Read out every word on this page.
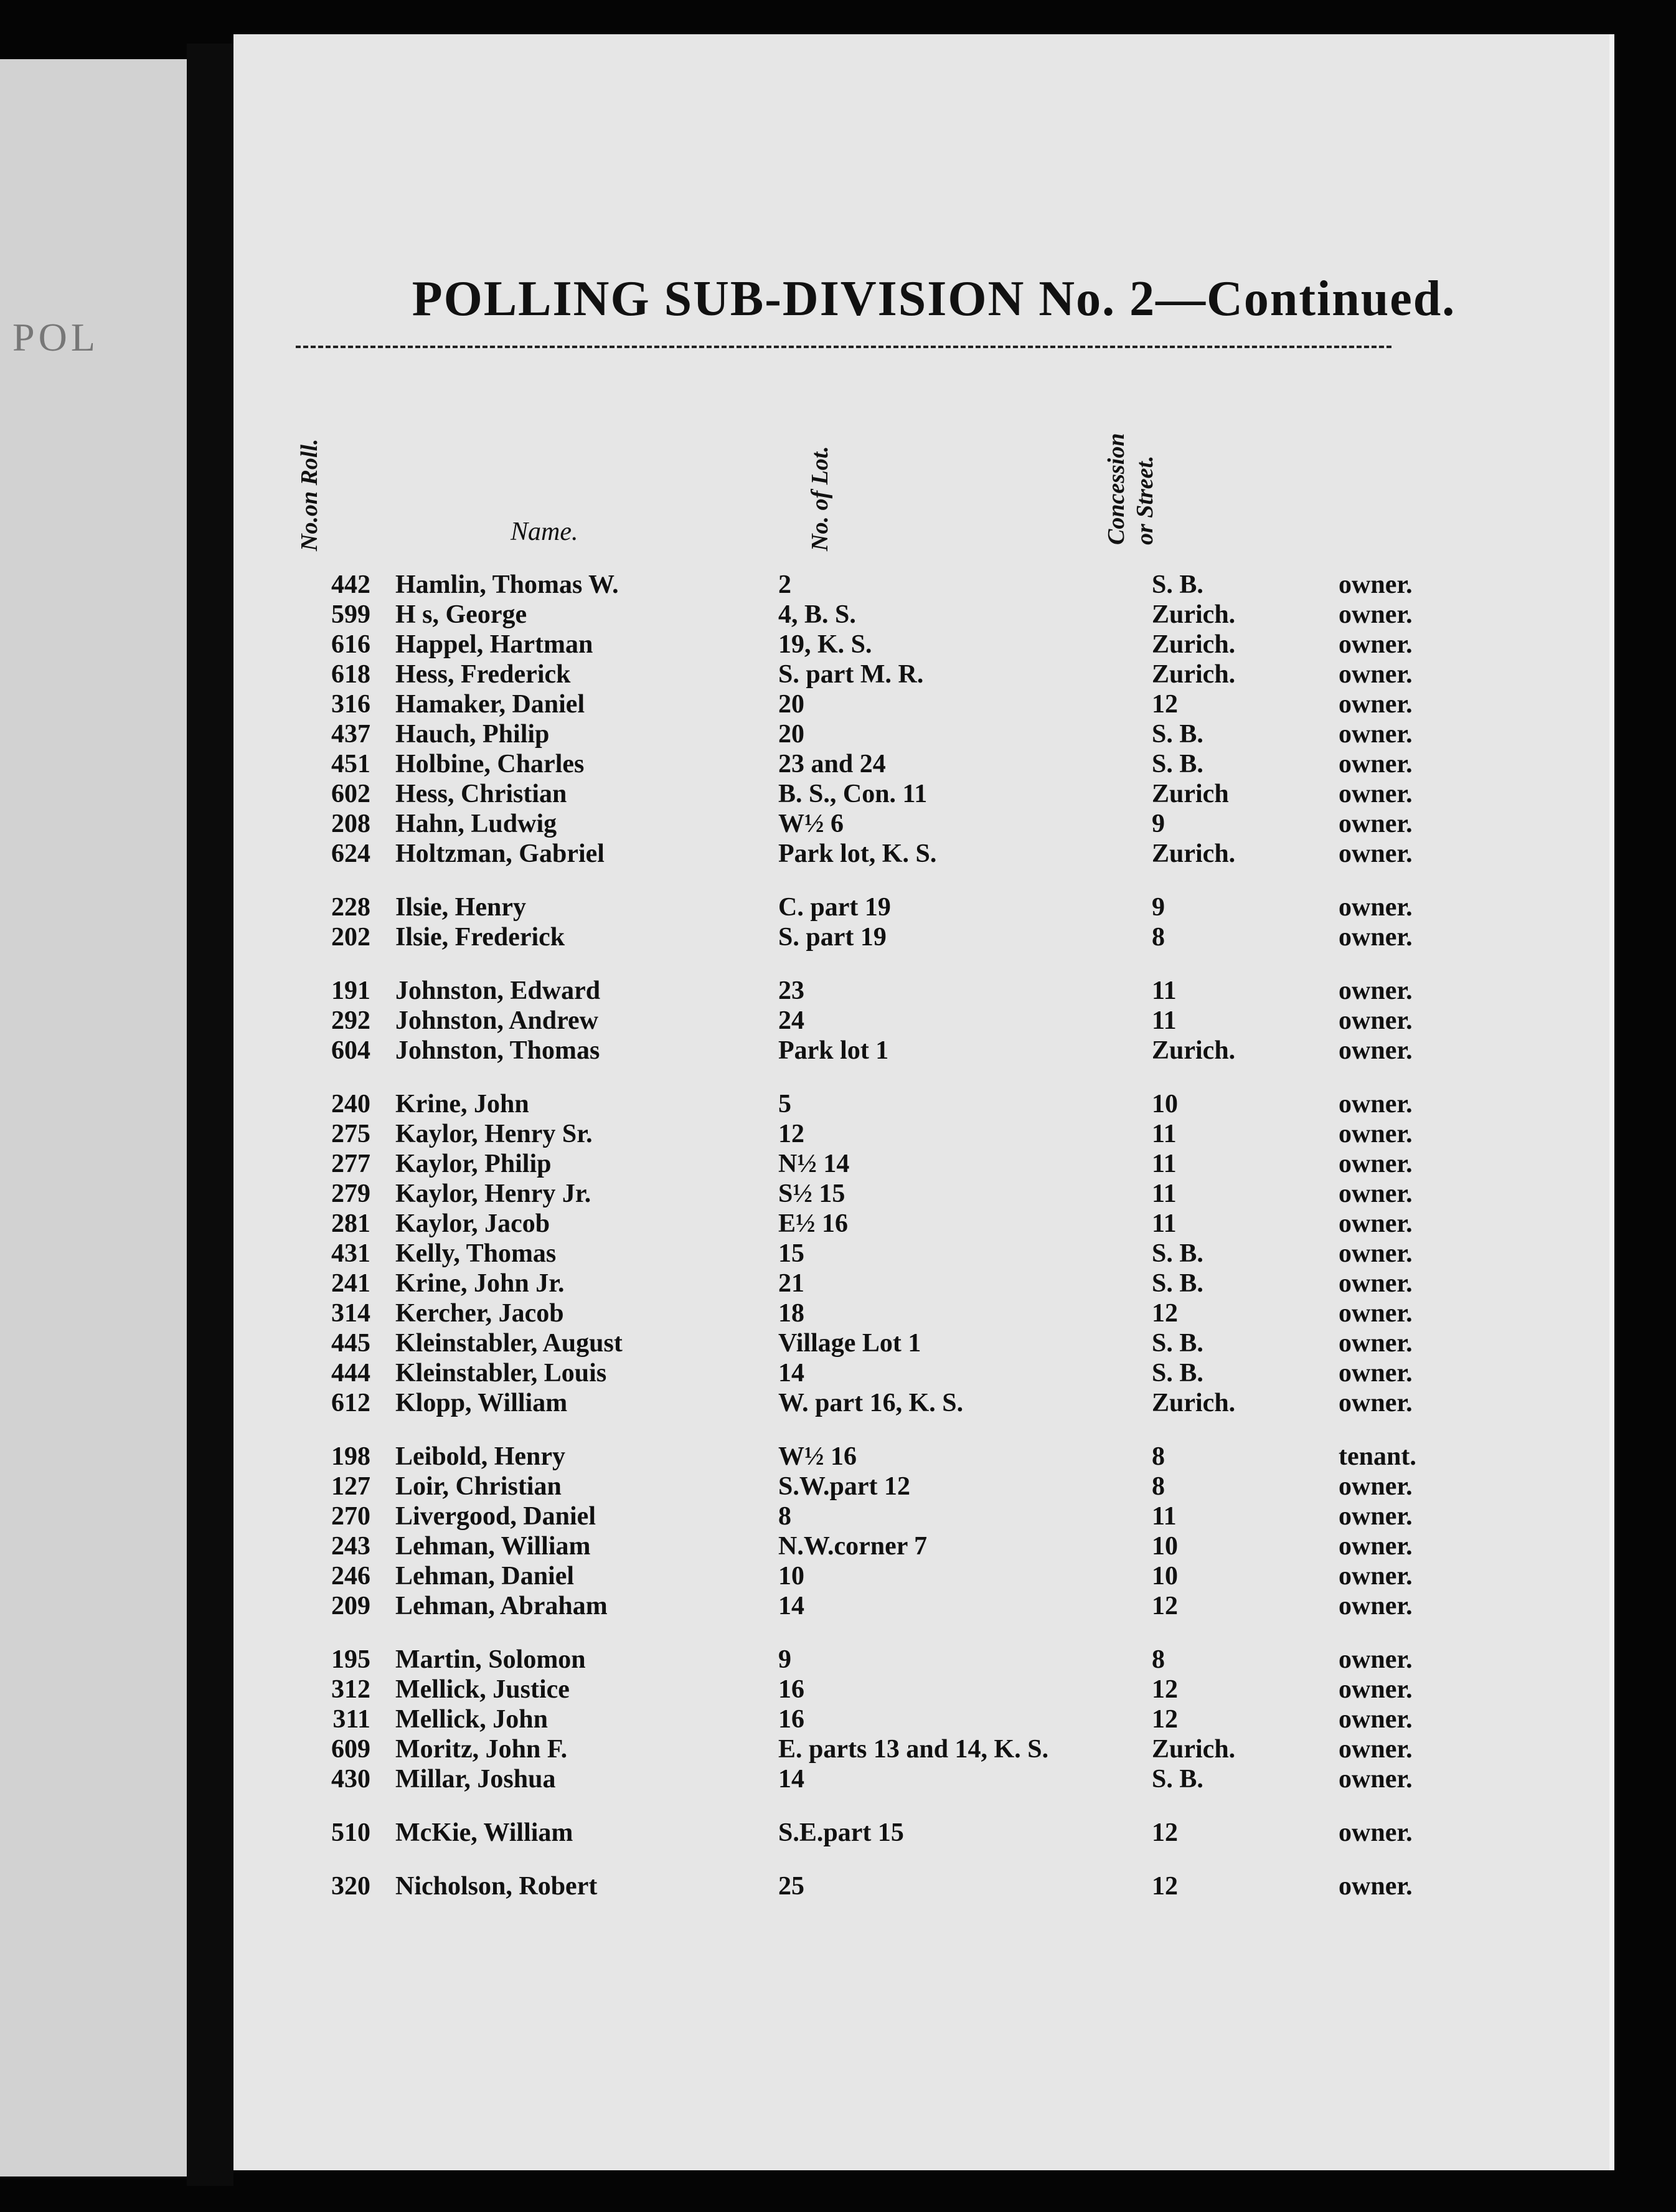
POL
POLLING SUB-DIVISION No. 2—Continued.
No.on Roll.	Name.	No. of Lot.	Concession or Street.
442 Hamlin, Thomas W.	2	S. B.	owner.
599 H s, George	4, B. S.	Zurich.	owner.
616 Happel, Hartman	19, K. S.	Zurich.	owner.
618 Hess, Frederick	S. part M. R.	Zurich.	owner.
316 Hamaker, Daniel	20	12	owner.
437 Hauch, Philip	20	S. B.	owner.
451 Holbine, Charles	23 and 24	S. B.	owner.
602 Hess, Christian	B. S., Con. 11	Zurich	owner.
208 Hahn, Ludwig	W½ 6	9	owner.
624 Holtzman, Gabriel	Park lot, K. S.	Zurich.	owner.
228 Ilsie, Henry	C. part 19	9	owner.
202 Ilsie, Frederick	S. part 19	8	owner.
191 Johnston, Edward	23	11	owner.
292 Johnston, Andrew	24	11	owner.
604 Johnston, Thomas	Park lot 1	Zurich.	owner.
240 Krine, John	5	10	owner.
275 Kaylor, Henry Sr.	12	11	owner.
277 Kaylor, Philip	N½ 14	11	owner.
279 Kaylor, Henry Jr.	S½ 15	11	owner.
281 Kaylor, Jacob	E½ 16	11	owner.
431 Kelly, Thomas	15	S. B.	owner.
241 Krine, John Jr.	21	S. B.	owner.
314 Kercher, Jacob	18	12	owner.
445 Kleinstabler, August	Village Lot 1	S. B.	owner.
444 Kleinstabler, Louis	14	S. B.	owner.
612 Klopp, William	W. part 16, K. S.	Zurich.	owner.
198 Leibold, Henry	W½ 16	8	tenant.
127 Loir, Christian	S.W.part 12	8	owner.
270 Livergood, Daniel	8	11	owner.
243 Lehman, William	N.W.corner 7	10	owner.
246 Lehman, Daniel	10	10	owner.
209 Lehman, Abraham	14	12	owner.
195 Martin, Solomon	9	8	owner.
312 Mellick, Justice	16	12	owner.
311 Mellick, John	16	12	owner.
609 Moritz, John F.	E. parts 13 and 14, K. S.	Zurich.	owner.
430 Millar, Joshua	14	S. B.	owner.
510 McKie, William	S.E.part 15	12	owner.
320 Nicholson, Robert	25	12	owner.
